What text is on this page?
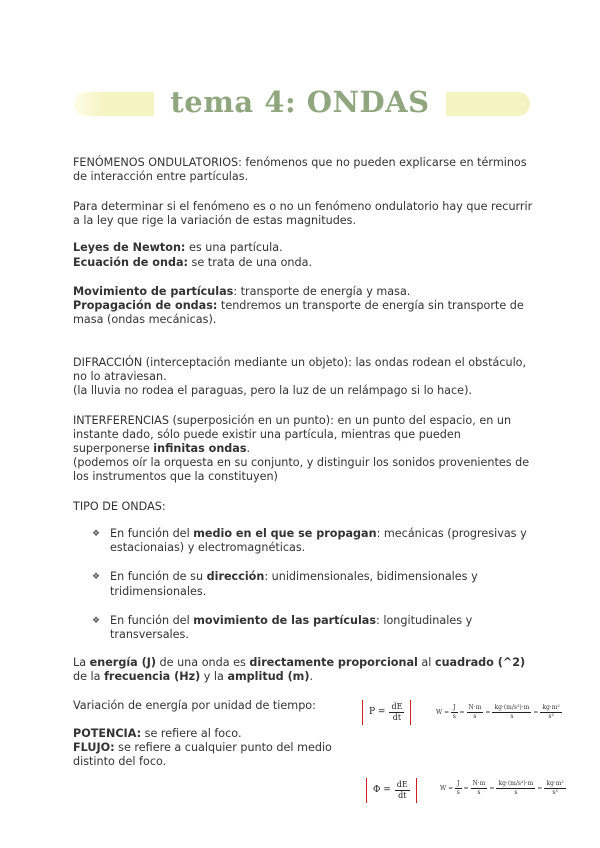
tema 4: ONDAS

FENÓMENOS ONDULATORIOS: fenómenos que no pueden explicarse en términos de interacción entre partículas.

Para determinar si el fenómeno es o no un fenómeno ondulatorio hay que recurrir a la ley que rige la variación de estas magnitudes.

Leyes de Newton: es una partícula.

Ecuación de onda: se trata de una onda.

Movimiento de partículas: transporte de energía y masa.

Propagación de ondas: tendremos un transporte de energía sin transporte de masa (ondas mecánicas).

DIFRACCIÓN (interceptación mediante un objeto): las ondas rodean el obstáculo, no lo atraviesan.

(la lluvia no rodea el paraguas, pero la luz de un relámpago si lo hace).

INTERFERENCIAS (superposición en un punto): en un punto del espacio, en un instante dado, sólo puede existir una partícula, mientras que pueden superponerse infinitas ondas.

(podemos oír la orquesta en su conjunto, y distinguir los sonidos provenientes de los instrumentos que la constituyen)

TIPO DE ONDAS:

❖ En función del medio en el que se propagan: mecánicas (progresivas y estacionaias) y electromagnéticas.
❖ En función de su dirección: unidimensionales, bidimensionales y tridimensionales.
❖ En función del movimiento de las partículas: longitudinales y transversales.

La energía (J) de una onda es directamente proporcional al cuadrado (^2) de la frecuencia (Hz) y la amplitud (m).

Variación de energía por unidad de tiempo:

POTENCIA: se refiere al foco.

FLUJO: se refiere a cualquier punto del medio distinto del foco.

$P = \frac{dE}{dt}$	$W = \frac{J}{s} = \frac{N\cdot m}{s} = \frac{\text{kg·(m/s²)·m}}{s} = \frac{\text{kg·m²}}{\text{s³}}$
$\Phi = \frac{dE}{dt}$	$W = \frac{J}{s} = \frac{N\cdot m}{s} = \frac{\text{kg·(m/s²)·m}}{s} = \frac{\text{kg·m²}}{\text{s³}}$
